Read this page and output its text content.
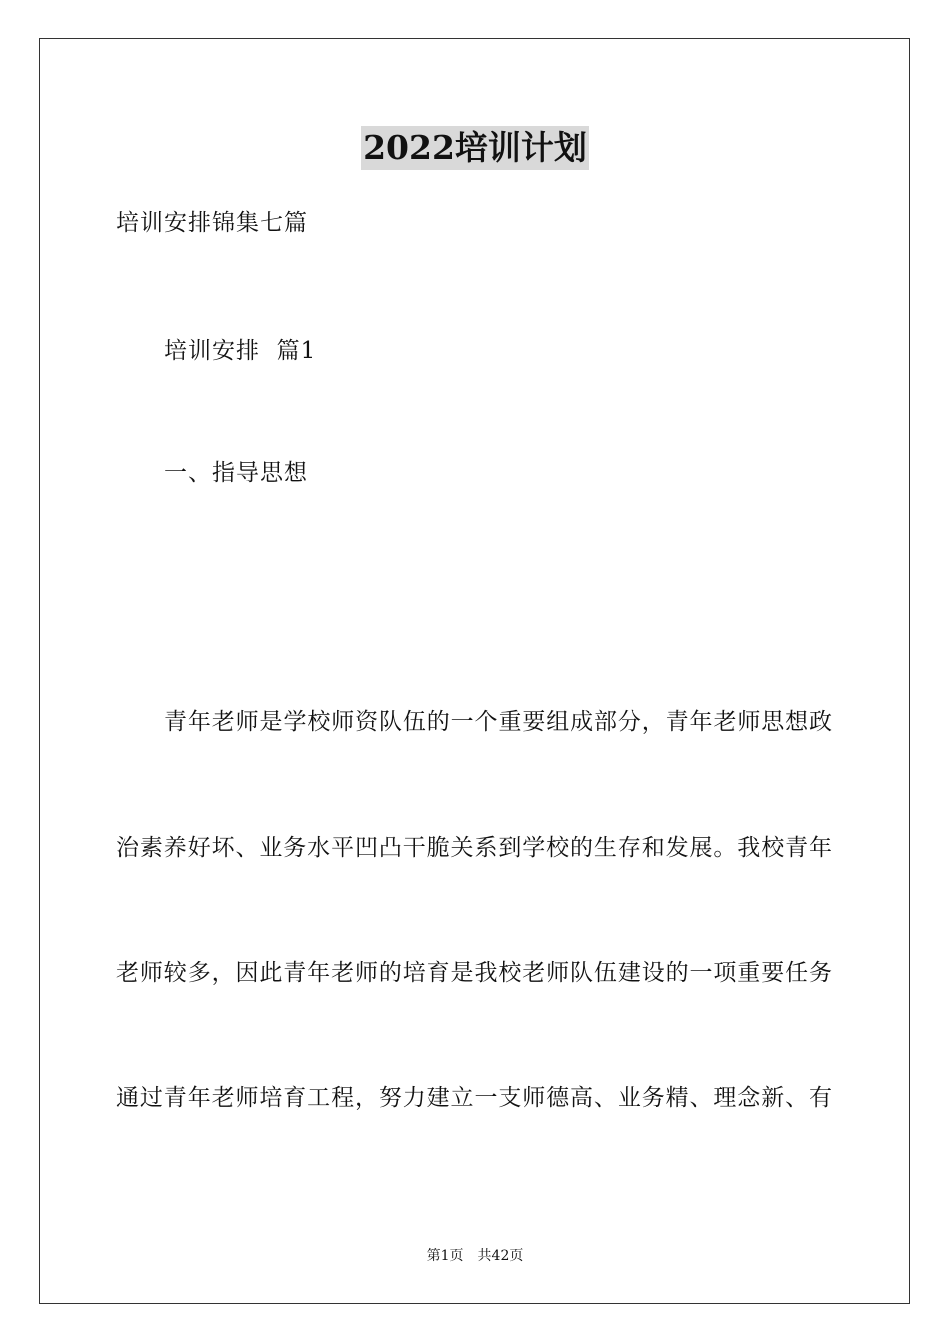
2022培训计划
培训安排锦集七篇
培训安排  篇1
一、指导思想
青年老师是学校师资队伍的一个重要组成部分，青年老师思想政
治素养好坏、业务水平凹凸干脆关系到学校的生存和发展。我校青年
老师较多，因此青年老师的培育是我校老师队伍建设的一项重要任务
通过青年老师培育工程，努力建立一支师德高、业务精、理念新、有
第1页 共42页
